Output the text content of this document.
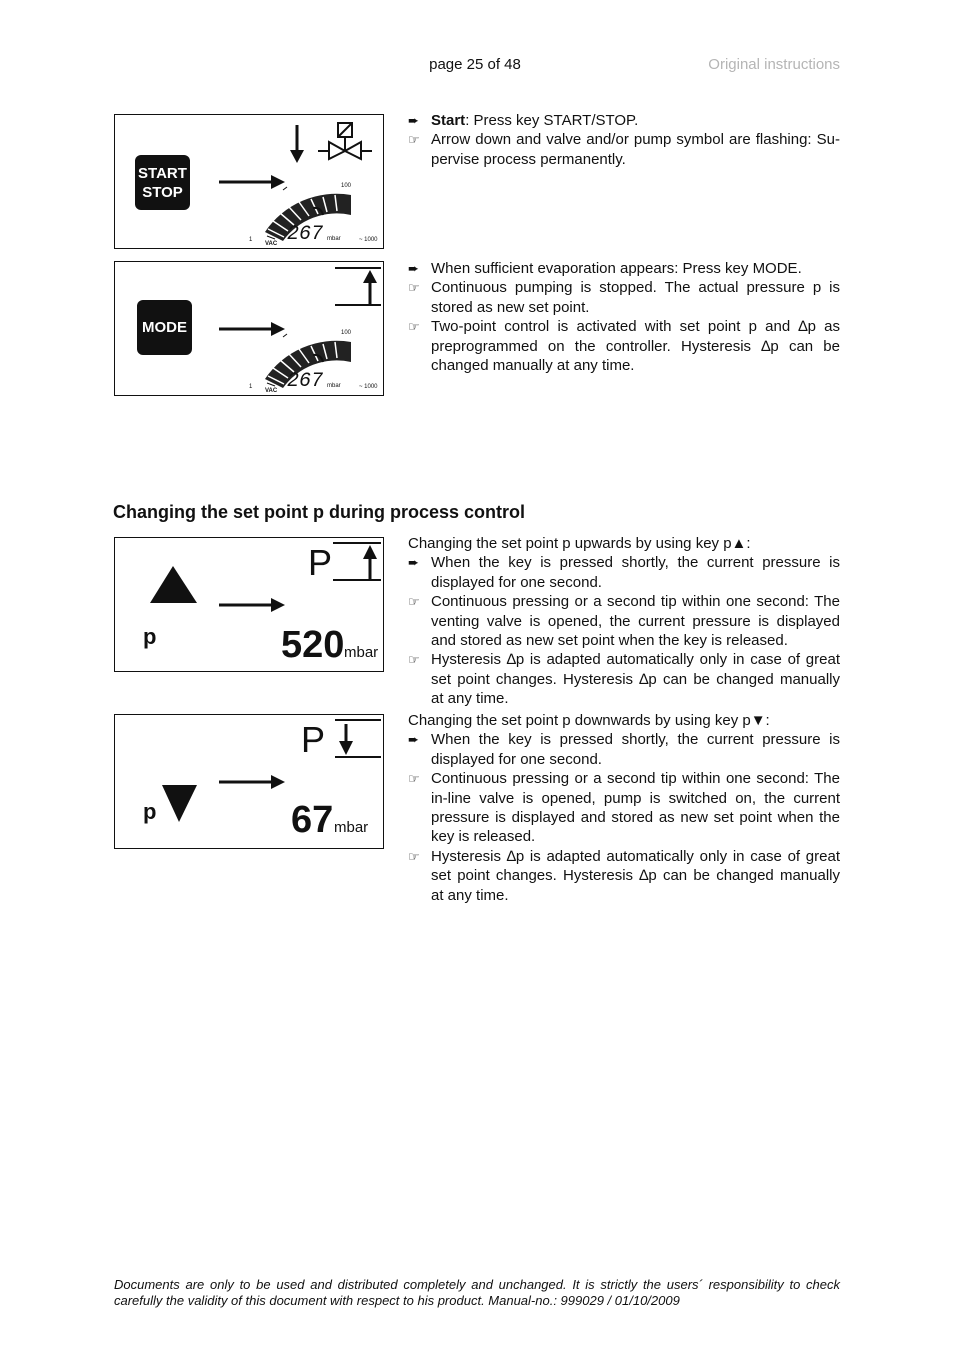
page 25 of 48	Original instructions
267 mbar
1
100
~ 1000
VAC
START
STOP
267 mbar
1
100
~ 1000
VAC
MODE
➨ Start: Press key START/STOP.
☞ Arrow down and valve and/or pump symbol are flashing: Supervise process permanently.
➨ When sufficient evaporation appears: Press key MODE.
☞ Continuous pumping is stopped. The actual pressure p is stored as new set point.
☞ Two-point control is activated with set point p and ∆p as preprogrammed on the controller. Hysteresis ∆p can be changed manually at any time.
Changing the set point p during process control
P
p	520 mbar
Changing the set point p upwards by using key p▲:
➨ When the key is pressed shortly, the current pressure is displayed for one second.
☞ Continuous pressing or a second tip within one second: The venting valve is opened, the current pressure is displayed and stored as new set point when the key is released.
☞ Hysteresis ∆p is adapted automatically only in case of great set point changes. Hysteresis ∆p can be changed manually at any time.
P
p	67 mbar
Changing the set point p downwards by using key p▼:
➨ When the key is pressed shortly, the current pressure is displayed for one second.
☞ Continuous pressing or a second tip within one second: The in-line valve is opened, pump is switched on, the current pressure is displayed and stored as new set point when the key is released.
☞ Hysteresis ∆p is adapted automatically only in case of great set point changes. Hysteresis ∆p can be changed manually at any time.
Documents are only to be used and distributed completely and unchanged. It is strictly the users´ responsibility to check carefully the validity of this document with respect to his product. Manual-no.: 999029 / 01/10/2009
